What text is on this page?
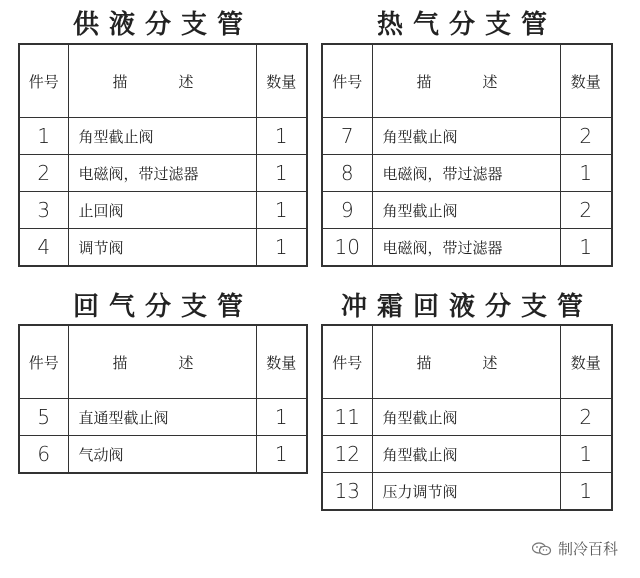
供液分支管
件号	描　述	数量
1	角型截止阀	1
2	电磁阀，带过滤器	1
3	止回阀	1
4	调节阀	1
热气分支管
件号	描　述	数量
7	角型截止阀	2
8	电磁阀，带过滤器	1
9	角型截止阀	2
10	电磁阀，带过滤器	1
回气分支管
件号	描　述	数量
5	直通型截止阀	1
6	气动阀	1
冲霜回液分支管
件号	描　述	数量
11	角型截止阀	2
12	角型截止阀	1
13	压力调节阀	1
制冷百科
